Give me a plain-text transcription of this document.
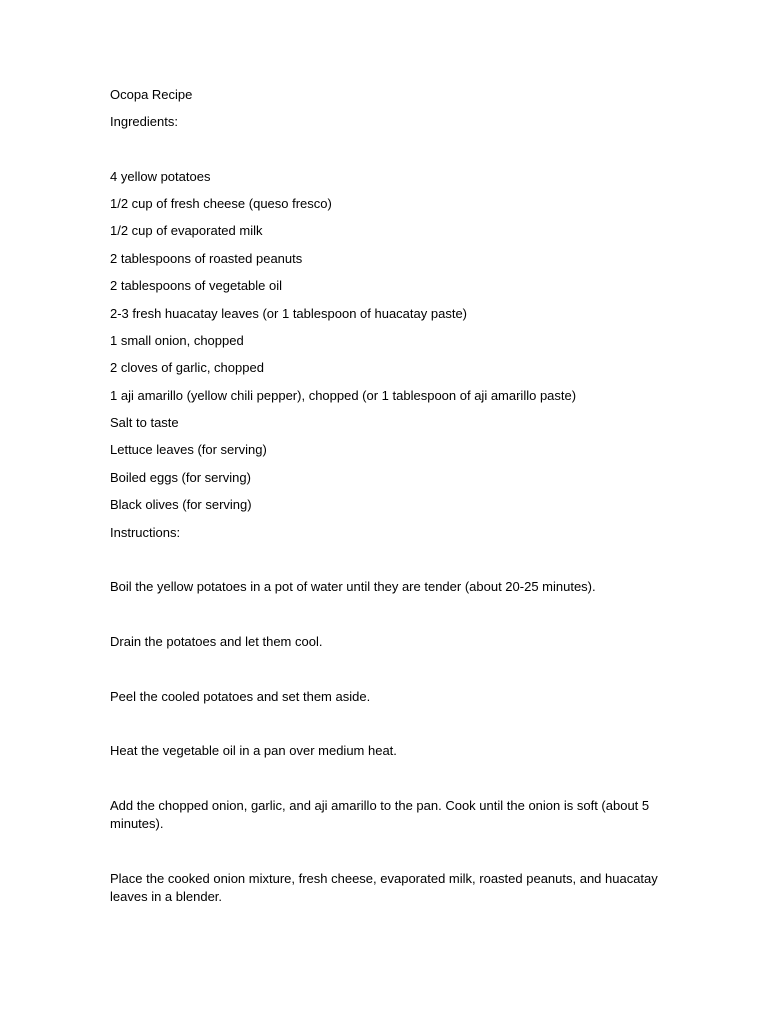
Ocopa Recipe
Ingredients:
4 yellow potatoes
1/2 cup of fresh cheese (queso fresco)
1/2 cup of evaporated milk
2 tablespoons of roasted peanuts
2 tablespoons of vegetable oil
2-3 fresh huacatay leaves (or 1 tablespoon of huacatay paste)
1 small onion, chopped
2 cloves of garlic, chopped
1 aji amarillo (yellow chili pepper), chopped (or 1 tablespoon of aji amarillo paste)
Salt to taste
Lettuce leaves (for serving)
Boiled eggs (for serving)
Black olives (for serving)
Instructions:
Boil the yellow potatoes in a pot of water until they are tender (about 20-25 minutes).
Drain the potatoes and let them cool.
Peel the cooled potatoes and set them aside.
Heat the vegetable oil in a pan over medium heat.
Add the chopped onion, garlic, and aji amarillo to the pan. Cook until the onion is soft (about 5 minutes).
Place the cooked onion mixture, fresh cheese, evaporated milk, roasted peanuts, and huacatay leaves in a blender.
